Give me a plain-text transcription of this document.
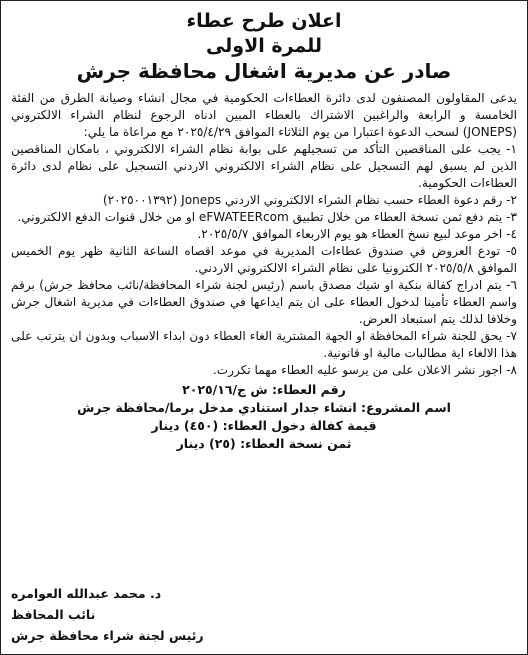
اعلان طرح عطاء
للمرة الاولى
صادر عن مديرية اشغال محافظة جرش
يدعى المقاولون المصنفون لدى دائرة العطاءات الحكومية في مجال انشاء وصيانة الطرق من الفئة الخامسة و الرابعة والراغبين الاشتراك بالعطاء المبين ادناه الرجوع لنظام الشراء الالكتروني (JONEPS) لسحب الدعوة اعتبارا من يوم الثلاثاء الموافق ٢٠٢٥/٤/٢٩ مع مراعاة ما يلي:
١- يجب على المناقصين التأكد من تسجيلهم على بوابة نظام الشراء الالكتروني ، بامكان المناقصين الذين لم يسبق لهم التسجيل على نظام الشراء الالكتروني الاردني التسجيل على نظام لدى دائرة العطاءات الحكومية.
٢- رقم دعوة العطاء حسب نظام الشراء الالكتروني الاردني Joneps (٢٠٢٥٠٠١٣٩٢)
٣- يتم دفع ثمن نسخة العطاء من خلال تطبيق eFWATEERcom او من خلال قنوات الدفع الالكتروني.
٤- اخر موعد لبيع نسخ العطاء هو يوم الاربعاء الموافق ٢٠٢٥/٥/٧.
٥- تودع العروض في صندوق عطاءات المديرية في موعد اقصاه الساعة الثانية ظهر يوم الخميس الموافق ٢٠٢٥/٥/٨ الكترونيا على نظام الشراء الالكتروني الاردني.
٦- يتم ادراج كفالة بنكية او شيك مصدق باسم (رئيس لجنة شراء المحافظة/نائب محافظ جرش) برقم واسم العطاء تأمينا لدخول العطاء على ان يتم ايداعها في صندوق العطاءات في مديرية اشغال جرش وخلافا لذلك يتم استبعاد العرض.
٧- يحق للجنة شراء المحافظة او الجهة المشترية الغاء العطاء دون ابداء الاسباب وبدون ان يترتب على هذا الالغاء اية مطالبات مالية او قانونية.
٨- اجور نشر الاعلان على من يرسو عليه العطاء مهما تكررت.
رقم العطاء: ش ج/٢٠٢٥/١٦
اسم المشروع: انشاء جدار استنادي مدخل برما/محافظة جرش
قيمة كفالة دخول العطاء: (٤٥٠) دينار
ثمن نسخة العطاء: (٢٥) دينار
د. محمد عبدالله العوامره
نائب المحافظ
رئيس لجنة شراء محافظة جرش
